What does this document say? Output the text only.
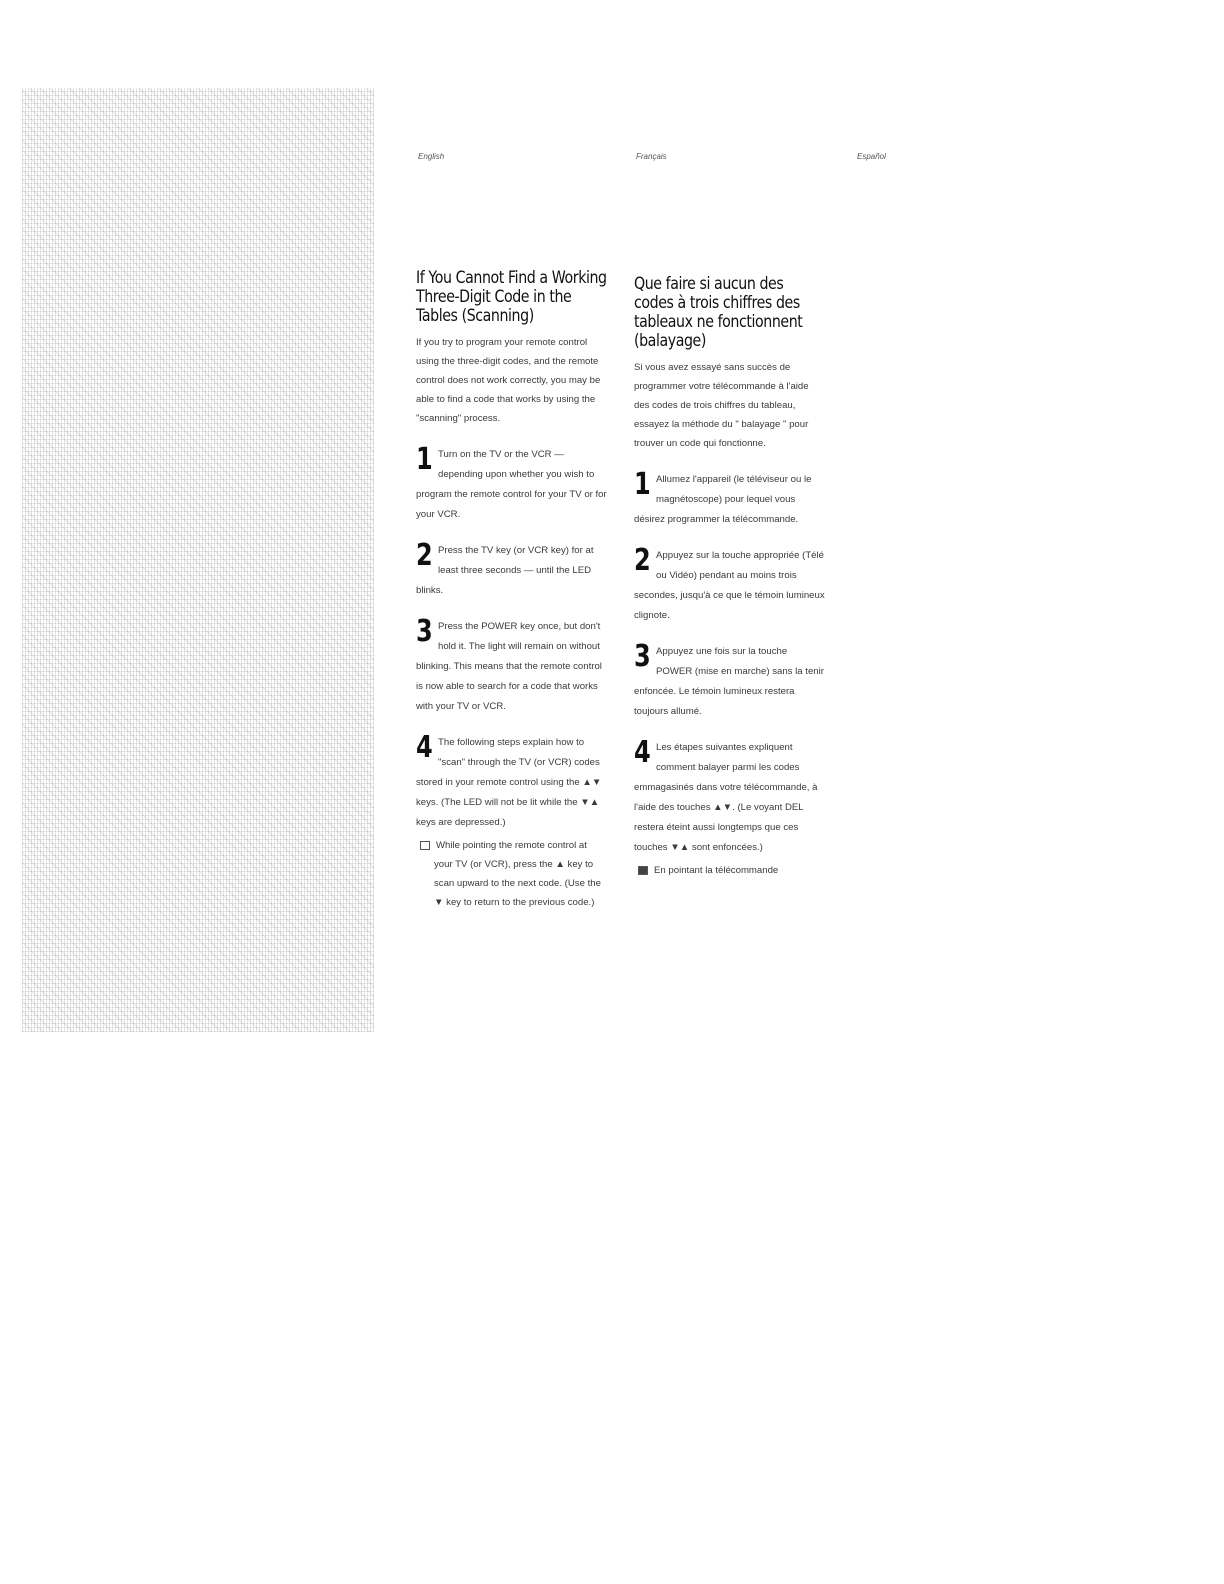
English	Français	Español
If You Cannot Find a Working Three-Digit Code in the Tables (Scanning)

If you try to program your remote control using the three-digit codes, and the remote control does not work correctly, you may be able to find a code that works by using the "scanning" process.

1 Turn on the TV or the VCR — depending upon whether you wish to program the remote control for your TV or for your VCR.
2 Press the TV key (or VCR key) for at least three seconds — until the LED blinks.
3 Press the POWER key once, but don't hold it. The light will remain on without blinking. This means that the remote control is now able to search for a code that works with your TV or VCR.
4 The following steps explain how to "scan" through the TV (or VCR) codes stored in your remote control using the ▲▼ keys. (The LED will not be lit while the ▼▲ keys are depressed.)

While pointing the remote control at your TV (or VCR), press the ▲ key to scan upward to the next code. (Use the ▼ key to return to the previous code.)

Que faire si aucun des codes à trois chiffres des tableaux ne fonctionnent (balayage)

Si vous avez essayé sans succès de programmer votre télécommande à l'aide des codes de trois chiffres du tableau, essayez la méthode du " balayage " pour trouver un code qui fonctionne.

1 Allumez l'appareil (le téléviseur ou le magnétoscope) pour lequel vous désirez programmer la télécommande.
2 Appuyez sur la touche appropriée (Télé ou Vidéo) pendant au moins trois secondes, jusqu'à ce que le témoin lumineux clignote.
3 Appuyez une fois sur la touche POWER (mise en marche) sans la tenir enfoncée. Le témoin lumineux restera toujours allumé.
4 Les étapes suivantes expliquent comment balayer parmi les codes emmagasinés dans votre télécommande, à l'aide des touches ▲▼. (Le voyant DEL restera éteint aussi longtemps que ces touches ▼▲ sont enfoncées.)

En pointant la télécommande
